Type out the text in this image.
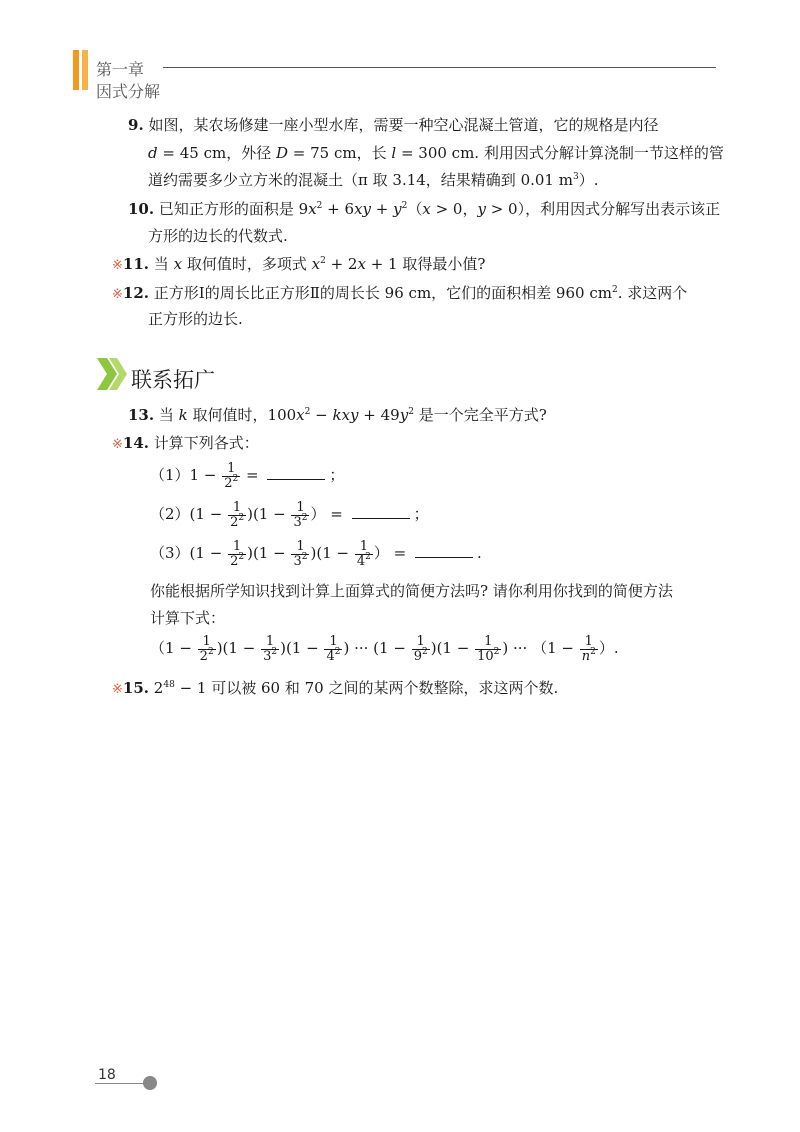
第一章
因式分解
9. 如图，某农场修建一座小型水库，需要一种空心混凝土管道，它的规格是内径
d = 45 cm，外径 D = 75 cm，长 l = 300 cm. 利用因式分解计算浇制一节这样的管
道约需要多少立方米的混凝土（π 取 3.14，结果精确到 0.01 $m^3$）.
10. 已知正方形的面积是 $9x^2 + 6xy + y^2(x > 0$，y > 0），利用因式分解写出表示该正
方形的边长的代数式.
※11. 当 x 取何值时，多项式 $x^2 + 2x + 1$ 取得最小值?
※12. 正方形Ⅰ的周长比正方形Ⅱ的周长长 96 cm，它们的面积相差 960 $cm^2$. 求这两个
正方形的边长.
联系拓广
13. 当 k 取何值时，$100x^2$ − kxy + $49y^2$ 是一个完全平方式?
※14. 计算下列各式：
$(1)1 - \frac{1}{2^2}$ =	；
$(2)(1 - \frac{1}{2^2} )(1 - \frac{1}{3^2}$ ） =	；
$(3)(1 - \frac{1}{2^2} )(1 - \frac{1}{3^2} )(1 - \frac{1}{4^2}$ ） =	.
你能根据所学知识找到计算上面算式的简便方法吗? 请你利用你找到的简便方法
计算下式：
$(1 - \frac{1}{2^2} )(1 - \frac{1}{3^2} )(1 - \frac{1}{4^2}$ ) ··· $(1 - \frac{1}{9^2} )(1 - \frac{1}{10^2}$ ) ··· （$1 - \frac{1}{n^2}$ ）.
※15. $2^{48} - 1$ 可以被 60 和 70 之间的某两个数整除，求这两个数.
18
